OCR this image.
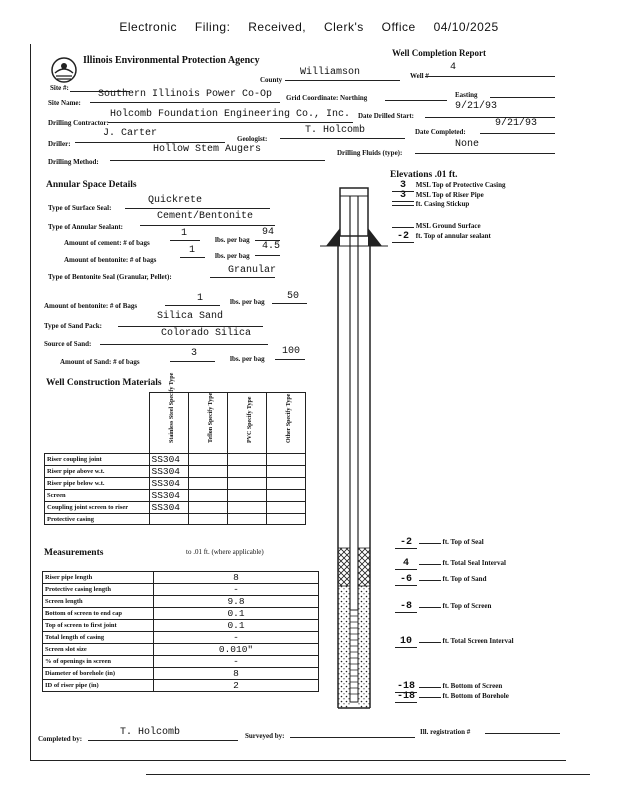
Electronic Filing: Received, Clerk's Office 04/10/2025
Illinois Environmental Protection Agency
Well Completion Report
Site #:
County
Williamson	Well #
4
Site Name:
Southern Illinois Power Co-Op Grid Coordinate: Northing	Easting
Drilling Contractor:
Holcomb Foundation Engineering Co., Inc. Date Drilled Start:
9/21/93
Driller:
J. Carter	Geologist:
T. Holcomb	Date Completed:
9/21/93
Drilling Method:
Hollow Stem Augers	Drilling Fluids (type):
None
Annular Space Details
Type of Surface Seal:
Quickrete
Type of Annular Sealant:
Cement/Bentonite
Amount of cement: # of bags
1
lbs. per bag
94
Amount of bentonite: # of bags
1	lbs. per bag
4.5
Type of Bentonite Seal (Granular, Pellet):
Granular
Amount of bentonite: # of Bags
1	lbs. per bag 50
Type of Sand Pack:
Silica Sand
Source of Sand:
Colorado Silica
Amount of Sand: # of bags
3	lbs. per bag
100
Well Construction Materials

	Stainless Steel Specify Type	Teflon Specify Type	PVC Specify Type	Other Specify Type

Riser coupling joint	SS304			
Riser pipe above w.t.	SS304			
Riser pipe below w.t.	SS304			
Screen	SS304			
Coupling joint screen to riser	SS304			
Protective casing				
Measurements	to .01 ft. (where applicable)
Riser pipe length	8
Protective casing length	-
Screen length	9.8
Bottom of screen to end cap	0.1
Top of screen to first joint	0.1
Total length of casing	-
Screen slot size	0.010"
% of openings in screen	-
Diameter of borehole (in)	8
ID of riser pipe (in)	2
Elevations .01 ft.
3 MSL Top of Protective Casing
3 MSL Top of Riser Pipe
ft. Casing Stickup
MSL Ground Surface
-2 ft. Top of annular sealant
-2	ft. Top of Seal
4	ft. Total Seal Interval
-6	ft. Top of Sand
-8	ft. Top of Screen
10	ft. Total Screen Interval
-18	ft. Bottom of Screen
-18	ft. Bottom of Borehole
Completed by:
T. Holcomb	Surveyed by:	Ill. registration #
